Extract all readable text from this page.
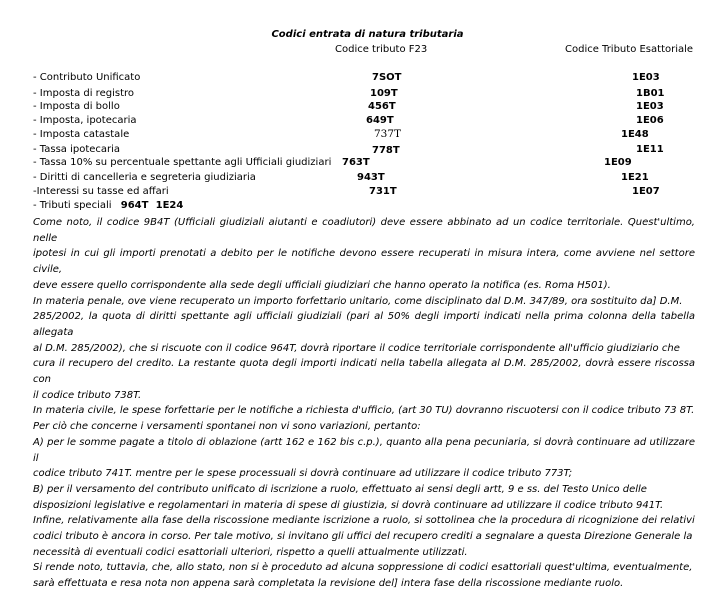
Codici entrata di natura tributaria
Codice tributo F23	Codice Tributo Esattoriale
- Contributo Unificato	7SOT	1E03
- Imposta di registro	109T	1B01
- Imposta di bollo	456T	1E03
- Imposta, ipotecaria	649T	1E06
- Imposta catastale	737T	1E48
- Tassa ipotecaria	778T	1E11
- Tassa 10% su percentuale spettante agli Ufficiali giudiziari 763T	1E09
- Diritti di cancelleria e segreteria giudiziaria	943T	1E21
-Interessi su tasse ed affari	731T	1E07
- Tributi speciali 964T 1E24

Come noto, il codice 9B4T (Ufficiali giudiziali aiutanti e coadiutori) deve essere abbinato ad un codice territoriale. Quest'ultimo, nelle

ipotesi in cui gli importi prenotati a debito per le notifiche devono essere recuperati in misura intera, come avviene nel settore civile,

deve essere quello corrispondente alla sede degli ufficiali giudiziari che hanno operato la notifica (es. Roma H501).

In materia penale, ove viene recuperato un importo forfettario unitario, come disciplinato dal D.M. 347/89, ora sostituito da] D.M.

285/2002, la quota di diritti spettante agli ufficiali giudiziali (pari al 50% degli importi indicati nella prima colonna della tabella allegata

al D.M. 285/2002), che si riscuote con il codice 964T, dovrà riportare il codice territoriale corrispondente all'ufficio giudiziario che

cura il recupero del credito. La restante quota degli importi indicati nella tabella allegata al D.M. 285/2002, dovrà essere riscossa con

il codice tributo 738T.

In materia civile, le spese forfettarie per le notifiche a richiesta d'ufficio, (art 30 TU) dovranno riscuotersi con il codice tributo 73 8T.

Per ciò che concerne i versamenti spontanei non vi sono variazioni, pertanto:

A) per le somme pagate a titolo di oblazione (artt 162 e 162 bis c.p.), quanto alla pena pecuniaria, si dovrà continuare ad utilizzare il

codice tributo 741T. mentre per le spese processuali si dovrà continuare ad utilizzare il codice tributo 773T;

B) per il versamento del contributo unificato di iscrizione a ruolo, effettuato ai sensi degli artt, 9 e ss. del Testo Unico delle

disposizioni legislative e regolamentari in materia di spese di giustizia, si dovrà continuare ad utilizzare il codice tributo 941T.

Infine, relativamente alla fase della riscossione mediante iscrizione a ruolo, si sottolinea che la procedura di ricognizione dei relativi

codici tributo è ancora in corso. Per tale motivo, si invitano gli uffici del recupero crediti a segnalare a questa Direzione Generale la

necessità di eventuali codici esattoriali ulteriori, rispetto a quelli attualmente utilizzati.

Si rende noto, tuttavia, che, allo stato, non si è proceduto ad alcuna soppressione di codici esattoriali quest'ultima, eventualmente,

sarà effettuata e resa nota non appena sarà completata la revisione del] intera fase della riscossione mediante ruolo.
